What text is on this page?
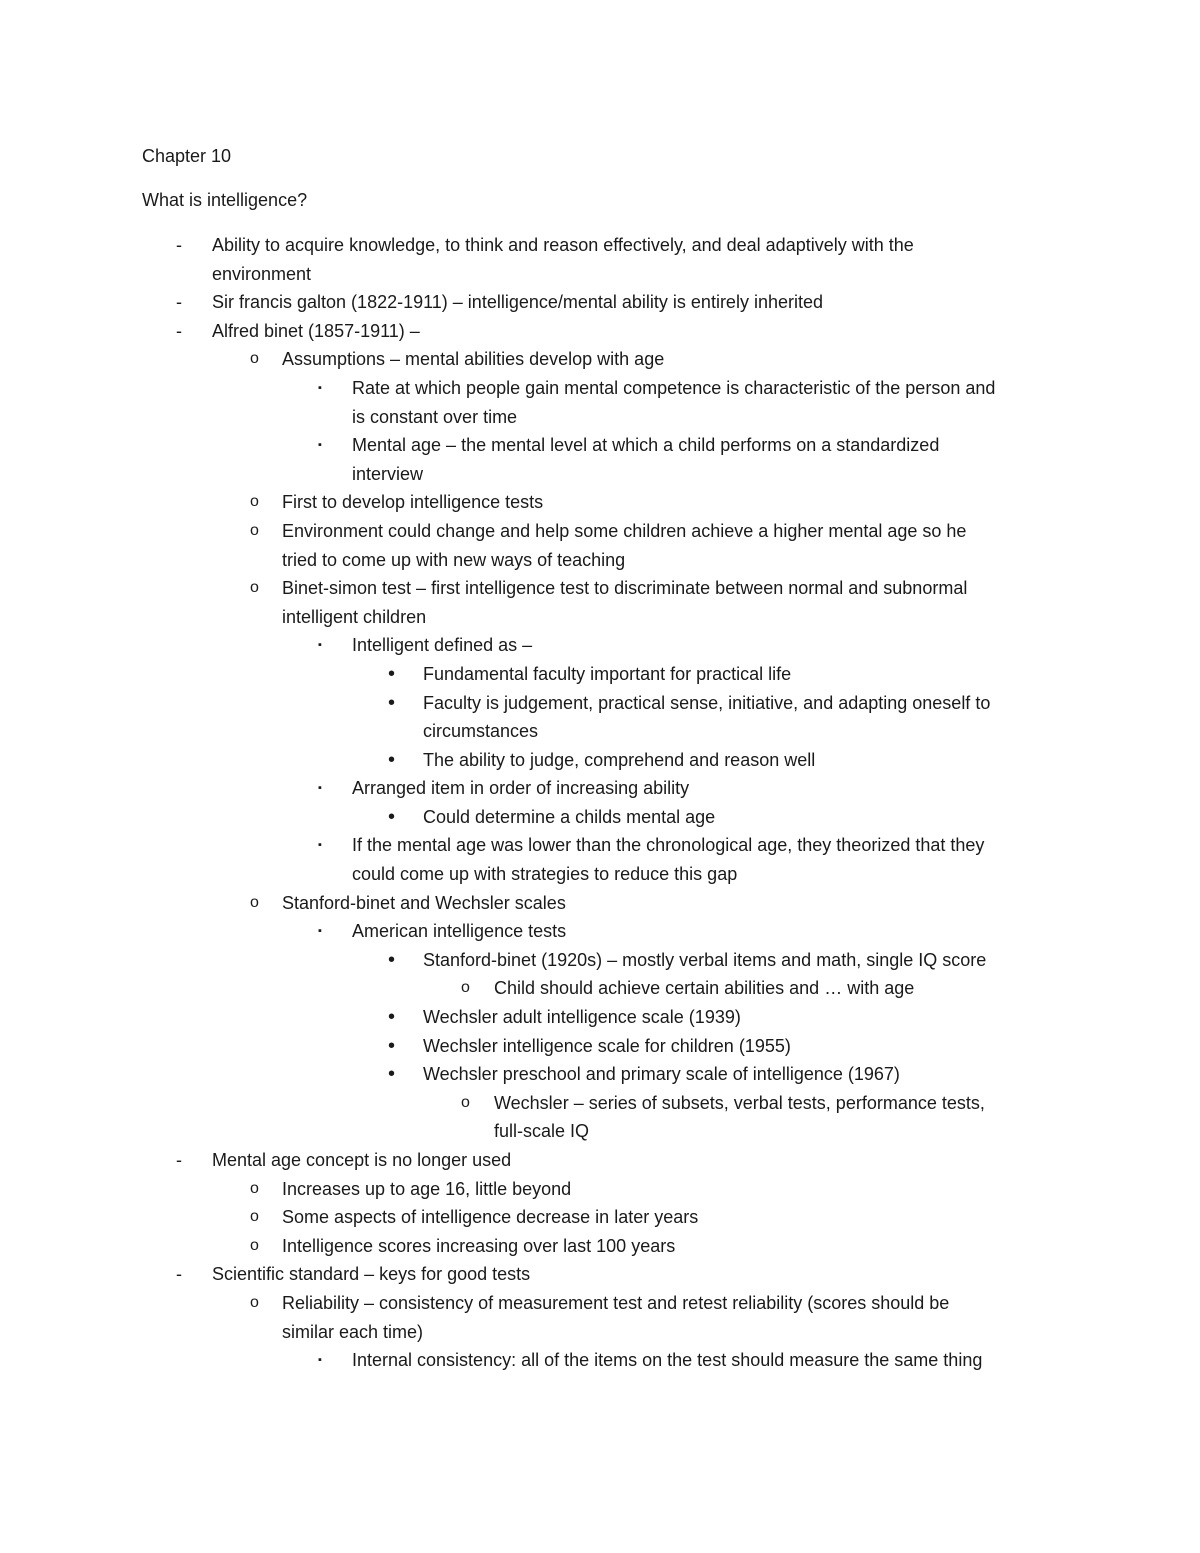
Chapter 10
What is intelligence?
-	Ability to acquire knowledge, to think and reason effectively, and deal adaptively with the
environment
-	Sir francis galton (1822-1911) – intelligence/mental ability is entirely inherited
-	Alfred binet (1857-1911) –
o	Assumptions – mental abilities develop with age
▪	Rate at which people gain mental competence is characteristic of the person and
is constant over time
▪	Mental age – the mental level at which a child performs on a standardized
interview
o	First to develop intelligence tests
o	Environment could change and help some children achieve a higher mental age so he
tried to come up with new ways of teaching
o	Binet-simon test – first intelligence test to discriminate between normal and subnormal
intelligent children
▪	Intelligent defined as –
•	Fundamental faculty important for practical life
•	Faculty is judgement, practical sense, initiative, and adapting oneself to
circumstances
•	The ability to judge, comprehend and reason well
▪	Arranged item in order of increasing ability
•	Could determine a childs mental age
▪	If the mental age was lower than the chronological age, they theorized that they
could come up with strategies to reduce this gap
o	Stanford-binet and Wechsler scales
▪	American intelligence tests
•	Stanford-binet (1920s) – mostly verbal items and math, single IQ score
o	Child should achieve certain abilities and … with age
•	Wechsler adult intelligence scale (1939)
•	Wechsler intelligence scale for children (1955)
•	Wechsler preschool and primary scale of intelligence (1967)
o	Wechsler – series of subsets, verbal tests, performance tests,
full-scale IQ
-	Mental age concept is no longer used
o	Increases up to age 16, little beyond
o	Some aspects of intelligence decrease in later years
o	Intelligence scores increasing over last 100 years
-	Scientific standard – keys for good tests
o	Reliability – consistency of measurement test and retest reliability (scores should be
similar each time)
▪	Internal consistency: all of the items on the test should measure the same thing
